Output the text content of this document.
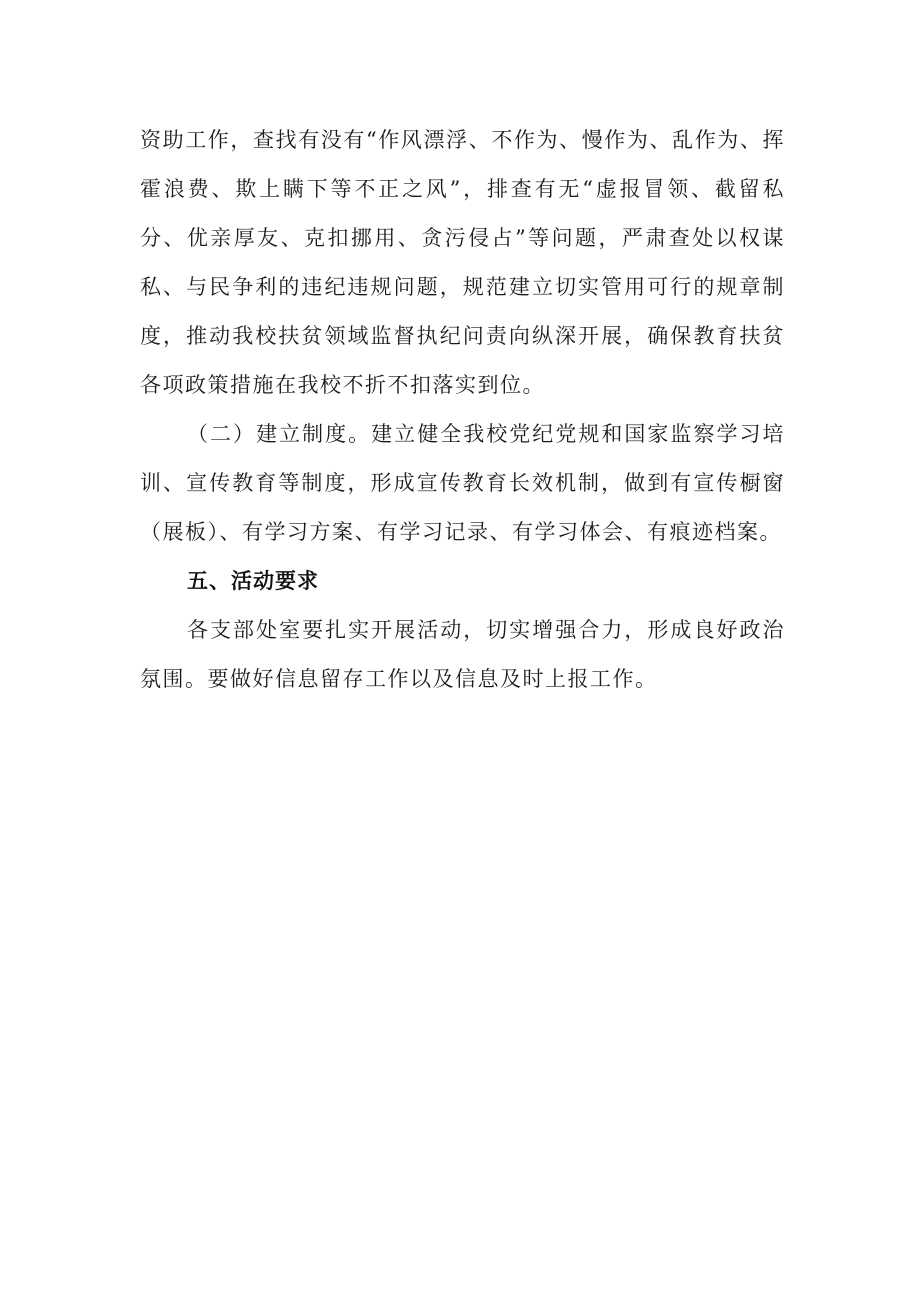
资助工作，查找有没有“作风漂浮、不作为、慢作为、乱作为、挥霍浪费、欺上瞒下等不正之风”，排查有无“虚报冒领、截留私分、优亲厚友、克扣挪用、贪污侵占”等问题，严肃查处以权谋私、与民争利的违纪违规问题，规范建立切实管用可行的规章制度，推动我校扶贫领域监督执纪问责向纵深开展，确保教育扶贫各项政策措施在我校不折不扣落实到位。

（二）建立制度。建立健全我校党纪党规和国家监察学习培训、宣传教育等制度，形成宣传教育长效机制，做到有宣传橱窗（展板）、有学习方案、有学习记录、有学习体会、有痕迹档案。

五、活动要求

各支部处室要扎实开展活动，切实增强合力，形成良好政治氛围。要做好信息留存工作以及信息及时上报工作。
